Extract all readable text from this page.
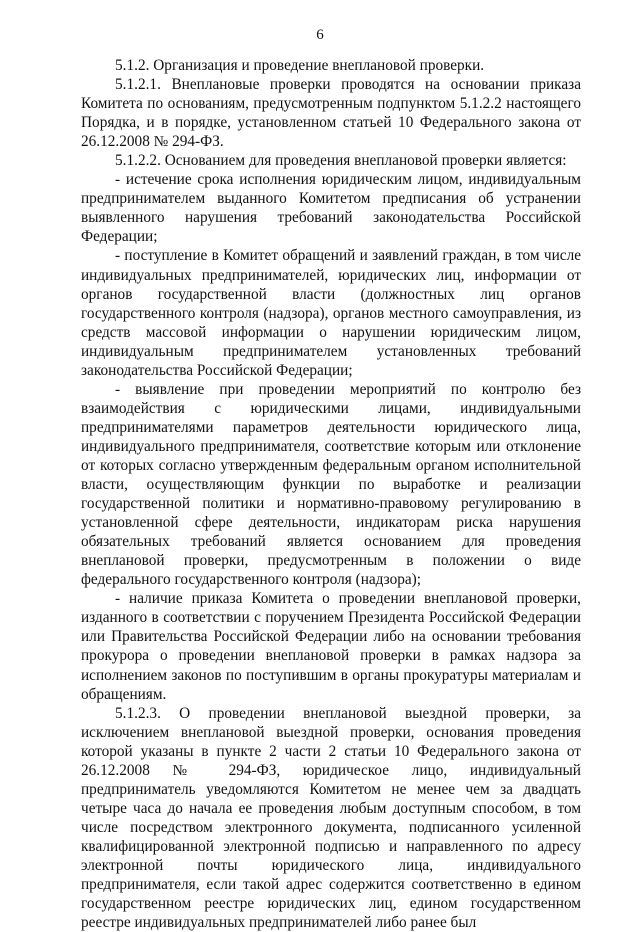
6

5.1.2. Организация и проведение внеплановой проверки.

5.1.2.1. Внеплановые проверки проводятся на основании приказа Комитета по основаниям, предусмотренным подпунктом 5.1.2.2 настоящего Порядка, и в порядке, установленном статьей 10 Федерального закона от 26.12.2008 № 294-ФЗ.

5.1.2.2. Основанием для проведения внеплановой проверки является:

- истечение срока исполнения юридическим лицом, индивидуальным предпринимателем выданного Комитетом предписания об устранении выявленного нарушения требований законодательства Российской Федерации;

- поступление в Комитет обращений и заявлений граждан, в том числе индивидуальных предпринимателей, юридических лиц, информации от органов государственной власти (должностных лиц органов государственного контроля (надзора), органов местного самоуправления, из средств массовой информации о нарушении юридическим лицом, индивидуальным предпринимателем установленных требований законодательства Российской Федерации;

- выявление при проведении мероприятий по контролю без взаимодействия с юридическими лицами, индивидуальными предпринимателями параметров деятельности юридического лица, индивидуального предпринимателя, соответствие которым или отклонение от которых согласно утвержденным федеральным органом исполнительной власти, осуществляющим функции по выработке и реализации государственной политики и нормативно-правовому регулированию в установленной сфере деятельности, индикаторам риска нарушения обязательных требований является основанием для проведения внеплановой проверки, предусмотренным в положении о виде федерального государственного контроля (надзора);

- наличие приказа Комитета о проведении внеплановой проверки, изданного в соответствии с поручением Президента Российской Федерации или Правительства Российской Федерации либо на основании требования прокурора о проведении внеплановой проверки в рамках надзора за исполнением законов по поступившим в органы прокуратуры материалам и обращениям.

5.1.2.3. О проведении внеплановой выездной проверки, за исключением внеплановой выездной проверки, основания проведения которой указаны в пункте 2 части 2 статьи 10 Федерального закона от 26.12.2008 № 294-ФЗ, юридическое лицо, индивидуальный предприниматель уведомляются Комитетом не менее чем за двадцать четыре часа до начала ее проведения любым доступным способом, в том числе посредством электронного документа, подписанного усиленной квалифицированной электронной подписью и направленного по адресу электронной почты юридического лица, индивидуального предпринимателя, если такой адрес содержится соответственно в едином государственном реестре юридических лиц, едином государственном реестре индивидуальных предпринимателей либо ранее был
